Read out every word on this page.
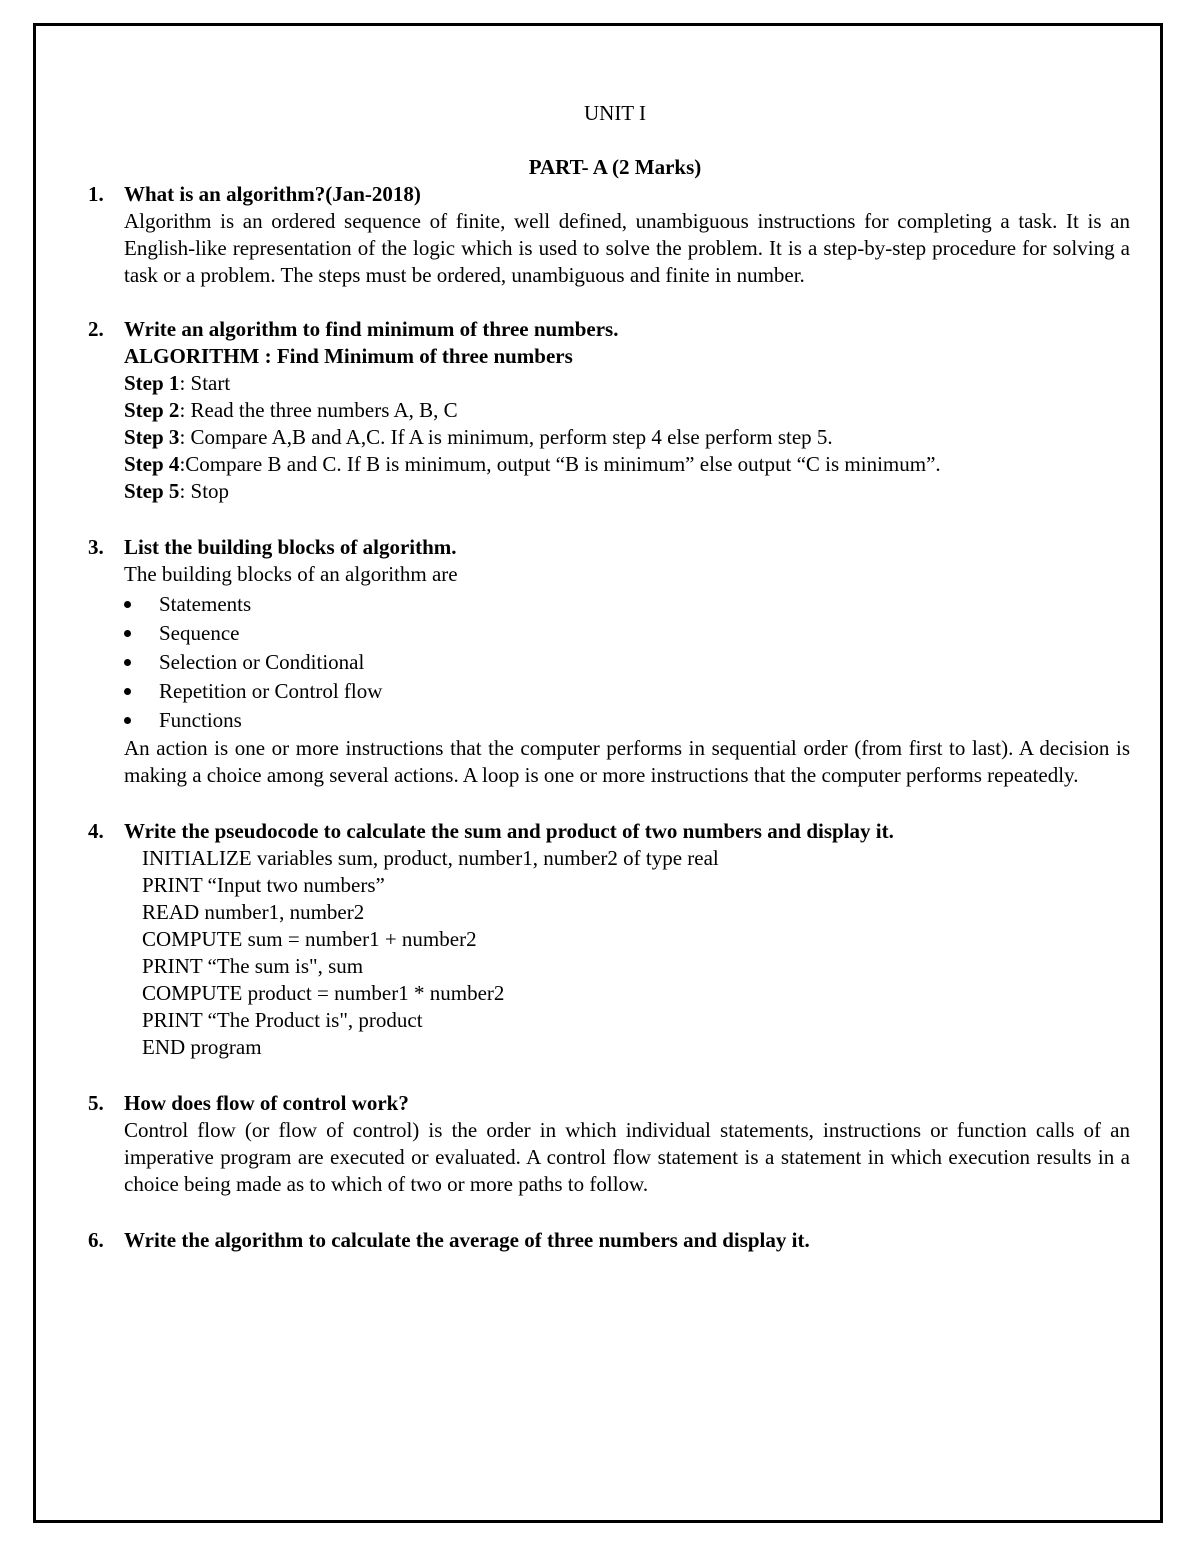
UNIT I
PART- A (2 Marks)
1. What is an algorithm?(Jan-2018)
Algorithm is an ordered sequence of finite, well defined, unambiguous instructions for completing a task. It is an English-like representation of the logic which is used to solve the problem. It is a step-by-step procedure for solving a task or a problem. The steps must be ordered, unambiguous and finite in number.
2. Write an algorithm to find minimum of three numbers.
ALGORITHM : Find Minimum of three numbers
Step 1: Start
Step 2: Read the three numbers A, B, C
Step 3: Compare A,B and A,C. If A is minimum, perform step 4 else perform step 5.
Step 4:Compare B and C. If B is minimum, output “B is minimum” else output “C is minimum”.
Step 5: Stop
3. List the building blocks of algorithm.
The building blocks of an algorithm are
Statements
Sequence
Selection or Conditional
Repetition or Control flow
Functions
An action is one or more instructions that the computer performs in sequential order (from first to last). A decision is making a choice among several actions. A loop is one or more instructions that the computer performs repeatedly.
4. Write the pseudocode to calculate the sum and product of two numbers and display it.
INITIALIZE variables sum, product, number1, number2 of type real
PRINT “Input two numbers”
READ number1, number2
COMPUTE sum = number1 + number2
PRINT “The sum is", sum
COMPUTE product = number1 * number2
PRINT “The Product is", product
END program
5. How does flow of control work?
Control flow (or flow of control) is the order in which individual statements, instructions or function calls of an imperative program are executed or evaluated. A control flow statement is a statement in which execution results in a choice being made as to which of two or more paths to follow.
6. Write the algorithm to calculate the average of three numbers and display it.
